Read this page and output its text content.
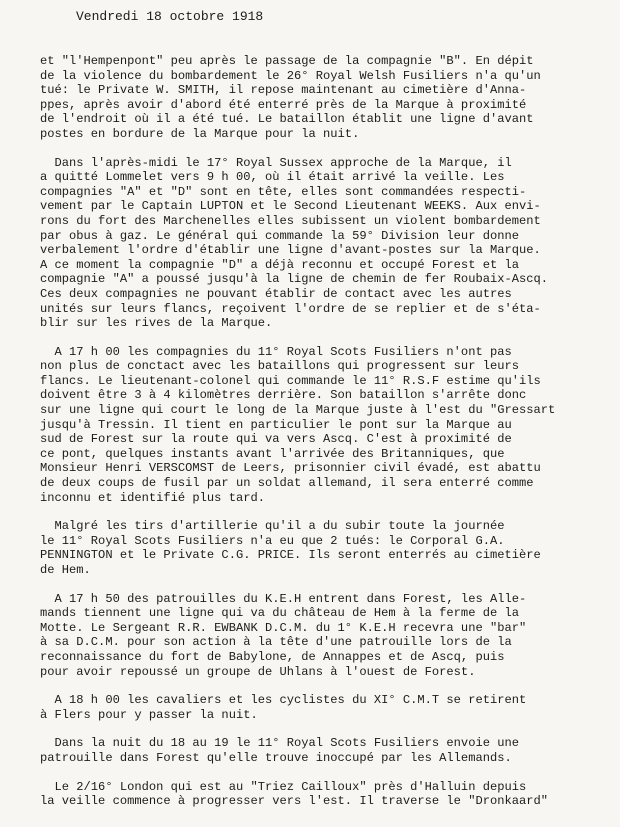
Vendredi 18 octobre 1918
et "l'Hempenpont" peu après le passage de la compagnie "B". En dépit
de la violence du bombardement le 26° Royal Welsh Fusiliers n'a qu'un
tué: le Private W. SMITH, il repose maintenant au cimetière d'Anna-
ppes, après avoir d'abord été enterré près de la Marque à proximité
de l'endroit où il a été tué. Le bataillon établit une ligne d'avant
postes en bordure de la Marque pour la nuit.
Dans l'après-midi le 17° Royal Sussex approche de la Marque, il
a quitté Lommelet vers 9 h 00, où il était arrivé la veille. Les
compagnies "A" et "D" sont en tête, elles sont commandées respecti-
vement par le Captain LUPTON et le Second Lieutenant WEEKS. Aux envi-
rons du fort des Marchenelles elles subissent un violent bombardement
par obus à gaz. Le général qui commande la 59° Division leur donne
verbalement l'ordre d'établir une ligne d'avant-postes sur la Marque.
A ce moment la compagnie "D" a déjà reconnu et occupé Forest et la
compagnie "A" a poussé jusqu'à la ligne de chemin de fer Roubaix-Ascq.
Ces deux compagnies ne pouvant établir de contact avec les autres
unités sur leurs flancs, reçoivent l'ordre de se replier et de s'éta-
blir sur les rives de la Marque.
A 17 h 00 les compagnies du 11° Royal Scots Fusiliers n'ont pas
non plus de conctact avec les bataillons qui progressent sur leurs
flancs. Le lieutenant-colonel qui commande le 11° R.S.F estime qu'ils
doivent être 3 à 4 kilomètres derrière. Son bataillon s'arrête donc
sur une ligne qui court le long de la Marque juste à l'est du "Gressart
jusqu'à Tressin. Il tient en particulier le pont sur la Marque au
sud de Forest sur la route qui va vers Ascq. C'est à proximité de
ce pont, quelques instants avant l'arrivée des Britanniques, que
Monsieur Henri VERSCOMST de Leers, prisonnier civil évadé, est abattu
de deux coups de fusil par un soldat allemand, il sera enterré comme
inconnu et identifié plus tard.
Malgré les tirs d'artillerie qu'il a du subir toute la journée
le 11° Royal Scots Fusiliers n'a eu que 2 tués: le Corporal G.A.
PENNINGTON et le Private C.G. PRICE. Ils seront enterrés au cimetière
de Hem.
A 17 h 50 des patrouilles du K.E.H entrent dans Forest, les Alle-
mands tiennent une ligne qui va du château de Hem à la ferme de la
Motte. Le Sergeant R.R. EWBANK D.C.M. du 1° K.E.H recevra une "bar"
à sa D.C.M. pour son action à la tête d'une patrouille lors de la
reconnaissance du fort de Babylone, de Annappes et de Ascq, puis
pour avoir repoussé un groupe de Uhlans à l'ouest de Forest.
A 18 h 00 les cavaliers et les cyclistes du XI° C.M.T se retirent
à Flers pour y passer la nuit.
Dans la nuit du 18 au 19 le 11° Royal Scots Fusiliers envoie une
patrouille dans Forest qu'elle trouve inoccupé par les Allemands.
Le 2/16° London qui est au "Triez Cailloux" près d'Halluin depuis
la veille commence à progresser vers l'est. Il traverse le "Dronkaard"
